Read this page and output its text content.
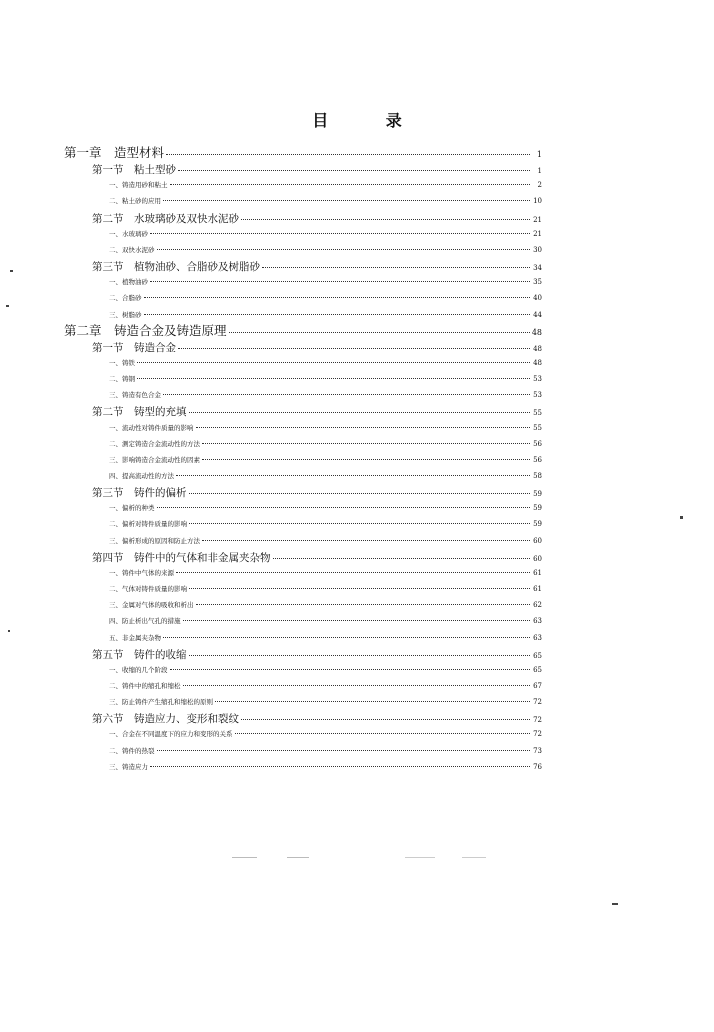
目 录
第一章　造型材料	1
第一节　粘土型砂	1
一、铸造用砂和粘土	2
二、粘土砂的应用	10
第二节　水玻璃砂及双快水泥砂	21
一、水玻璃砂	21
二、双快水泥砂	30
第三节　植物油砂、合脂砂及树脂砂	34
一、植物油砂	35
二、合脂砂	40
三、树脂砂	44
第二章　铸造合金及铸造原理	48
第一节　铸造合金	48
一、铸铁	48
二、铸钢	53
三、铸造有色合金	53
第二节　铸型的充填	55
一、流动性对铸件质量的影响	55
二、测定铸造合金流动性的方法	56
三、影响铸造合金流动性的因素	56
四、提高流动性的方法	58
第三节　铸件的偏析	59
一、偏析的种类	59
二、偏析对铸件质量的影响	59
三、偏析形成的原因和防止方法	60
第四节　铸件中的气体和非金属夹杂物	60
一、铸件中气体的来源	61
二、气体对铸件质量的影响	61
三、金属对气体的吸收和析出	62
四、防止析出气孔的措施	63
五、非金属夹杂物	63
第五节　铸件的收缩	65
一、收缩的几个阶段	65
二、铸件中的缩孔和缩松	67
三、防止铸件产生缩孔和缩松的原则	72
第六节　铸造应力、变形和裂纹	72
一、合金在不同温度下的应力和变形的关系	72
二、铸件的热裂	73
三、铸造应力	76
